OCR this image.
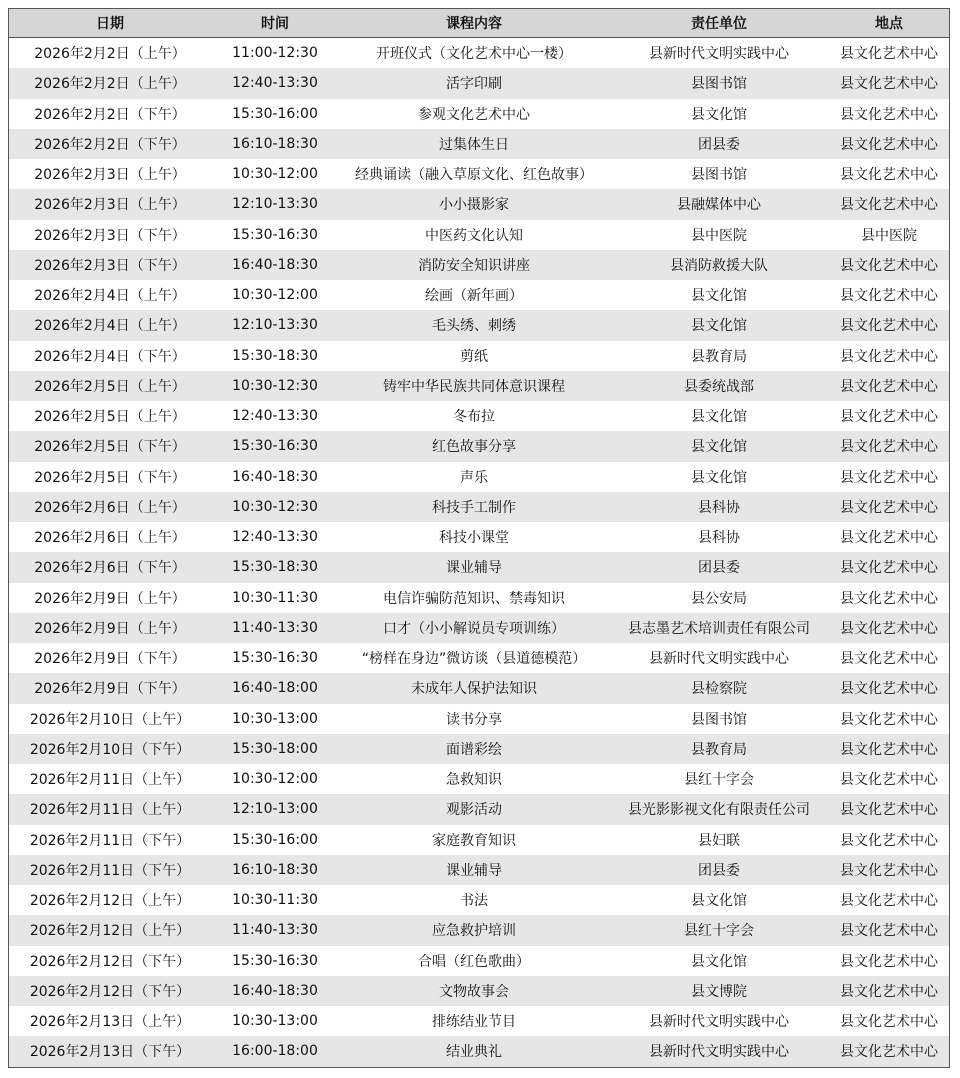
日期	时间	课程内容	责任单位	地点
2026年2月2日（上午）	11:00-12:30	开班仪式（文化艺术中心一楼）	县新时代文明实践中心	县文化艺术中心
2026年2月2日（上午）	12:40-13:30	活字印刷	县图书馆	县文化艺术中心
2026年2月2日（下午）	15:30-16:00	参观文化艺术中心	县文化馆	县文化艺术中心
2026年2月2日（下午）	16:10-18:30	过集体生日	团县委	县文化艺术中心
2026年2月3日（上午）	10:30-12:00	经典诵读（融入草原文化、红色故事）	县图书馆	县文化艺术中心
2026年2月3日（上午）	12:10-13:30	小小摄影家	县融媒体中心	县文化艺术中心
2026年2月3日（下午）	15:30-16:30	中医药文化认知	县中医院	县中医院
2026年2月3日（下午）	16:40-18:30	消防安全知识讲座	县消防救援大队	县文化艺术中心
2026年2月4日（上午）	10:30-12:00	绘画（新年画）	县文化馆	县文化艺术中心
2026年2月4日（上午）	12:10-13:30	毛头绣、刺绣	县文化馆	县文化艺术中心
2026年2月4日（下午）	15:30-18:30	剪纸	县教育局	县文化艺术中心
2026年2月5日（上午）	10:30-12:30	铸牢中华民族共同体意识课程	县委统战部	县文化艺术中心
2026年2月5日（上午）	12:40-13:30	冬布拉	县文化馆	县文化艺术中心
2026年2月5日（下午）	15:30-16:30	红色故事分享	县文化馆	县文化艺术中心
2026年2月5日（下午）	16:40-18:30	声乐	县文化馆	县文化艺术中心
2026年2月6日（上午）	10:30-12:30	科技手工制作	县科协	县文化艺术中心
2026年2月6日（上午）	12:40-13:30	科技小课堂	县科协	县文化艺术中心
2026年2月6日（下午）	15:30-18:30	课业辅导	团县委	县文化艺术中心
2026年2月9日（上午）	10:30-11:30	电信诈骗防范知识、禁毒知识	县公安局	县文化艺术中心
2026年2月9日（上午）	11:40-13:30	口才（小小解说员专项训练）	县志墨艺术培训责任有限公司	县文化艺术中心
2026年2月9日（下午）	15:30-16:30	“榜样在身边”微访谈（县道德模范）	县新时代文明实践中心	县文化艺术中心
2026年2月9日（下午）	16:40-18:00	未成年人保护法知识	县检察院	县文化艺术中心
2026年2月10日（上午）	10:30-13:00	读书分享	县图书馆	县文化艺术中心
2026年2月10日（下午）	15:30-18:00	面谱彩绘	县教育局	县文化艺术中心
2026年2月11日（上午）	10:30-12:00	急救知识	县红十字会	县文化艺术中心
2026年2月11日（上午）	12:10-13:00	观影活动	县光影影视文化有限责任公司	县文化艺术中心
2026年2月11日（下午）	15:30-16:00	家庭教育知识	县妇联	县文化艺术中心
2026年2月11日（下午）	16:10-18:30	课业辅导	团县委	县文化艺术中心
2026年2月12日（上午）	10:30-11:30	书法	县文化馆	县文化艺术中心
2026年2月12日（上午）	11:40-13:30	应急救护培训	县红十字会	县文化艺术中心
2026年2月12日（下午）	15:30-16:30	合唱（红色歌曲）	县文化馆	县文化艺术中心
2026年2月12日（下午）	16:40-18:30	文物故事会	县文博院	县文化艺术中心
2026年2月13日（上午）	10:30-13:00	排练结业节目	县新时代文明实践中心	县文化艺术中心
2026年2月13日（下午）	16:00-18:00	结业典礼	县新时代文明实践中心	县文化艺术中心
